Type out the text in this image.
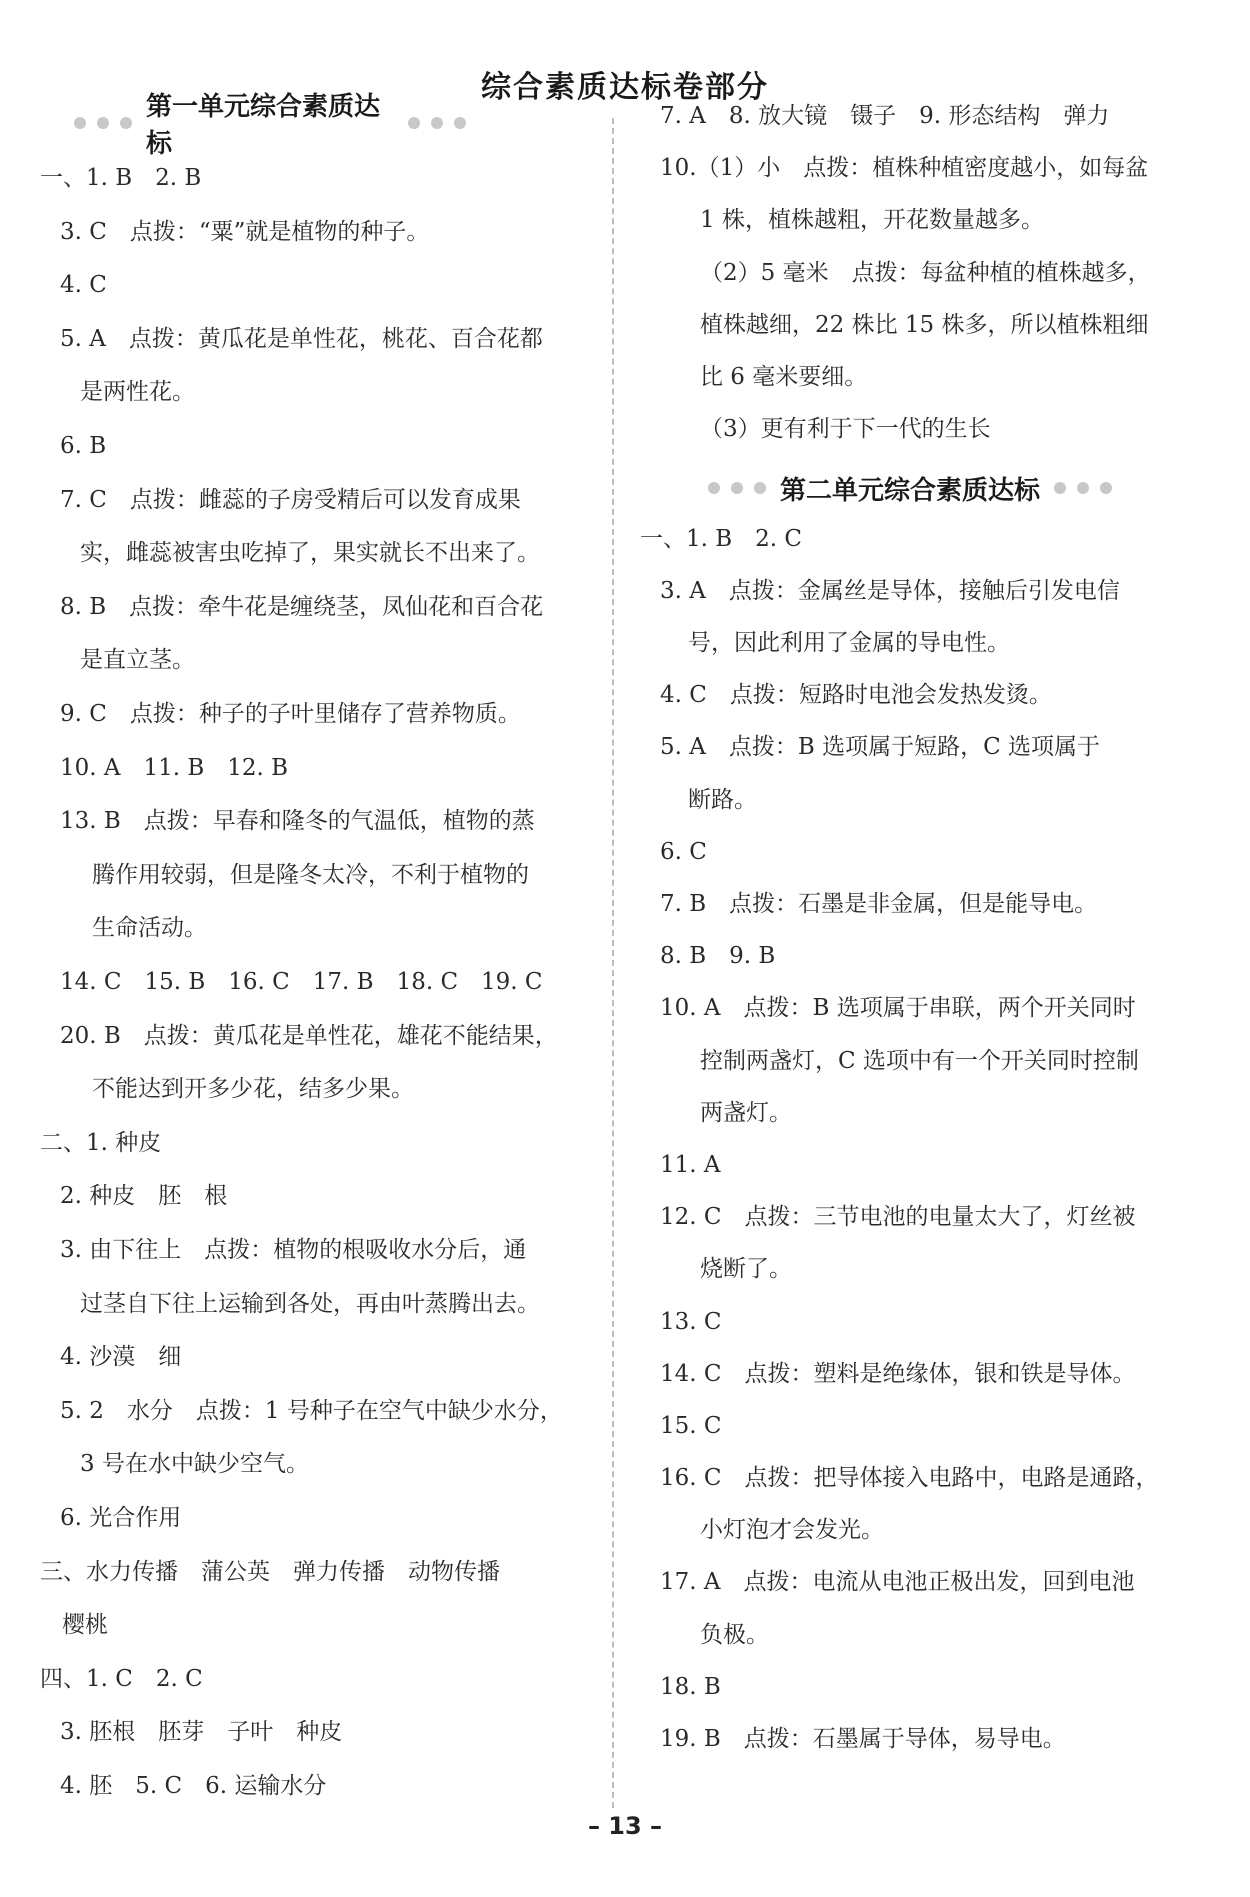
综合素质达标卷部分
第一单元综合素质达标
一、1. B　2. B
3. C　点拨：“粟”就是植物的种子。
4. C
5. A　点拨：黄瓜花是单性花，桃花、百合花都
是两性花。
6. B
7. C　点拨：雌蕊的子房受精后可以发育成果
实，雌蕊被害虫吃掉了，果实就长不出来了。
8. B　点拨：牵牛花是缠绕茎，凤仙花和百合花
是直立茎。
9. C　点拨：种子的子叶里储存了营养物质。
10. A　11. B　12. B
13. B　点拨：早春和隆冬的气温低，植物的蒸
腾作用较弱，但是隆冬太冷，不利于植物的
生命活动。
14. C　15. B　16. C　17. B　18. C　19. C
20. B　点拨：黄瓜花是单性花，雄花不能结果，
不能达到开多少花，结多少果。
二、1. 种皮
2. 种皮　胚　根
3. 由下往上　点拨：植物的根吸收水分后，通
过茎自下往上运输到各处，再由叶蒸腾出去。
4. 沙漠　细
5. 2　水分　点拨：1 号种子在空气中缺少水分，
3 号在水中缺少空气。
6. 光合作用
三、水力传播　蒲公英　弹力传播　动物传播
樱桃
四、1. C　2. C
3. 胚根　胚芽　子叶　种皮
4. 胚　5. C　6. 运输水分
7. A　8. 放大镜　镊子　9. 形态结构　弹力
10.（1）小　点拨：植株种植密度越小，如每盆
1 株，植株越粗，开花数量越多。
（2）5 毫米　点拨：每盆种植的植株越多，
植株越细，22 株比 15 株多，所以植株粗细
比 6 毫米要细。
（3）更有利于下一代的生长
第二单元综合素质达标
一、1. B　2. C
3. A　点拨：金属丝是导体，接触后引发电信
号，因此利用了金属的导电性。
4. C　点拨：短路时电池会发热发烫。
5. A　点拨：B 选项属于短路，C 选项属于
断路。
6. C
7. B　点拨：石墨是非金属，但是能导电。
8. B　9. B
10. A　点拨：B 选项属于串联，两个开关同时
控制两盏灯，C 选项中有一个开关同时控制
两盏灯。
11. A
12. C　点拨：三节电池的电量太大了，灯丝被
烧断了。
13. C
14. C　点拨：塑料是绝缘体，银和铁是导体。
15. C
16. C　点拨：把导体接入电路中，电路是通路，
小灯泡才会发光。
17. A　点拨：电流从电池正极出发，回到电池
负极。
18. B
19. B　点拨：石墨属于导体，易导电。
– 13 –
